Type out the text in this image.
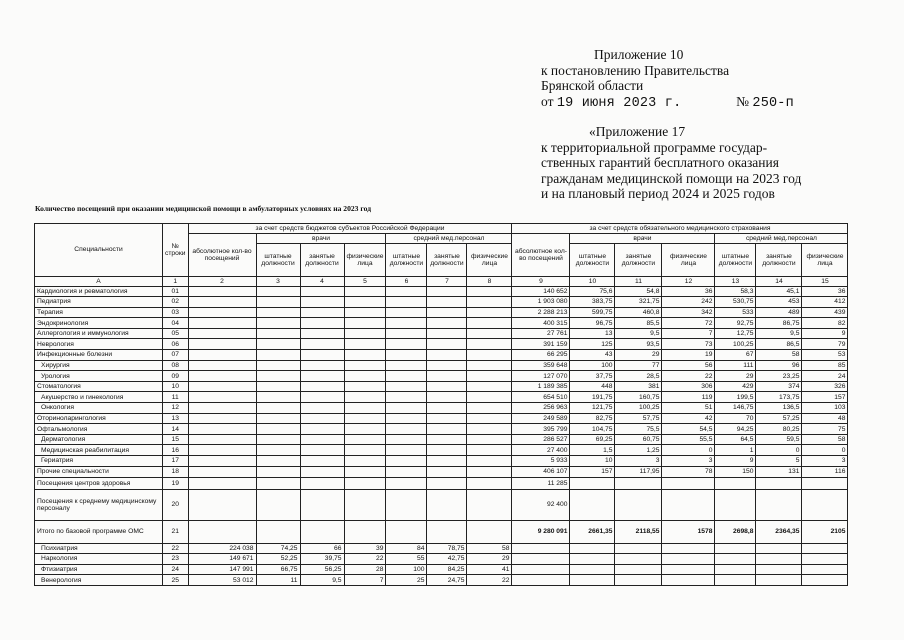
Приложение 10
к постановлению Правительства
Брянской области
от 19 июня 2023 г.	№ 250-п
«Приложение 17
к территориальной программе государ-
ственных гарантий бесплатного оказания
гражданам медицинской помощи на 2023 год
и на плановый период 2024 и 2025 годов
Количество посещений при оказании медицинской помощи в амбулаторных условиях на 2023 год
Специальности	№ строки	за счет средств бюджетов субъектов Российской Федерации							за счет средств обязательного медицинского страхования						
		абсолютное кол-во посещений	врачи			средний мед.персонал			абсолютное кол-во посещений	врачи			средний мед.персонал		
			штатные должности	занятые должности	физические лица	штатные должности	занятые должности	физические лица		штатные должности	занятые должности	физические лица	штатные должности	занятые должности	физические лица
А	1	2	3	4	5	6	7	8	9	10	11	12	13	14	15
Кардиология и ревматология	01								140 652	75,6	54,8	36	58,3	45,1	36
Педиатрия	02								1 903 080	383,75	321,75	242	530,75	453	412
Терапия	03								2 288 213	599,75	460,8	342	533	489	439
Эндокринология	04								400 315	96,75	85,5	72	92,75	86,75	82
Аллергология и иммунология	05								27 761	13	9,5	7	12,75	9,5	9
Неврология	06								391 159	125	93,5	73	100,25	86,5	79
Инфекционные болезни	07								66 295	43	29	19	67	58	53
Хирургия	08								359 648	100	77	56	111	96	85
Урология	09								127 070	37,75	28,5	22	29	23,25	24
Стоматология	10								1 189 385	448	381	306	429	374	326
Акушерство и гинекология	11								654 510	191,75	160,75	119	199,5	173,75	157
Онкология	12								256 963	121,75	100,25	51	146,75	136,5	103
Оториноларингология	13								249 589	82,75	57,75	42	70	57,25	48
Офтальмология	14								395 799	104,75	75,5	54,5	94,25	80,25	75
Дерматология	15								286 527	69,25	60,75	55,5	64,5	59,5	58
Медицинская реабилитация	16								27 400	1,5	1,25	0	1	0	0
Гериатрия	17								5 933	10	3	3	9	5	3
Прочие специальности	18								406 107	157	117,95	78	150	131	116
Посещения центров здоровья	19								11 285						
Посещения к среднему медицинскому персоналу	20								92 400						
Итого по базовой программе ОМС	21								9 280 091	2661,35	2118,55	1578	2698,8	2364,35	2105
Психиатрия	22	224 038	74,25	66	39	84	78,75	58							
Наркология	23	149 671	52,25	39,75	22	55	42,75	29							
Фтизиатрия	24	147 991	66,75	56,25	28	100	84,25	41							
Венерология	25	53 012	11	9,5	7	25	24,75	22							
